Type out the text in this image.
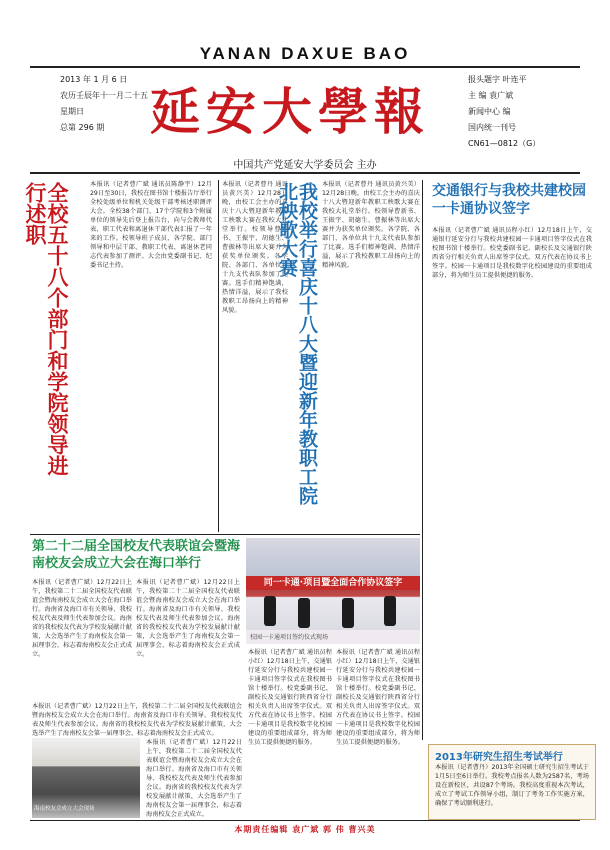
YANAN DAXUE BAO
2013 年 1 月 6 日
农历壬辰年十一月二十五
星期日
总第 296 期 延安大學報
报头题字 叶连平
主 编 袁广斌
新闻中心 编
国内统一刊号
CN61—0812（G）
中国共产党延安大学委员会 主办
全校五十八个部门和学院领导进行述职	本报讯（记者曹广斌 通讯员陈静宇）12月29日至30日，我校在图书馆十楼报告厅举行全校处级单位和机关处级干部考核述职测评大会。全校38个部门、17个学院和3个附属单位的领导先后登上报告台，向与会教师代表、职工代表和离退休干部代表汇报了一年来的工作。校领导班子成员、各学院、部门领导和中层干部、教职工代表、离退休老同志代表参加了测评。大会由党委副书记、纪委书记主持。
本报讯（记者曹丹 通讯员黄兴美）12月28日晚，由校工会主办的喜庆十八大暨迎新年教职工秧歌大赛在我校大礼堂举行。校领导曹新书、王振宇、胡德生、曹振林等出席大赛并为获奖单位颁奖。各学院、各部门、各单位共十九支代表队参加了比赛。选手们精神饱满，热情洋溢，展示了我校教职工昂扬向上的精神风貌。	我校举行喜庆十八大暨迎新年教职工院北秧歌大赛	本报讯（记者曹丹 通讯员黄兴美）12月28日晚，由校工会主办的喜庆十八大暨迎新年教职工秧歌大赛在我校大礼堂举行。校领导曹新书、王振宇、胡德生、曹振林等出席大赛并为获奖单位颁奖。各学院、各部门、各单位共十九支代表队参加了比赛。选手们精神饱满，热情洋溢，展示了我校教职工昂扬向上的精神风貌。
交通银行与我校共建校园一卡通协议签字
本报讯（记者曹广斌 通讯员程小红）12月18日上午，交通银行延安分行与我校共建校园一卡通项目签字仪式在我校图书馆十楼举行。校党委副书记、副校长及交通银行陕西省分行相关负责人出席签字仪式。双方代表在协议书上签字。校园一卡通项目是我校数字化校园建设的重要组成部分，将为师生员工提供便捷的服务。
第二十二届全国校友代表联谊会暨海南校友会成立大会在海口举行
本报讯（记者曹广斌）12月22日上午，我校第二十二届全国校友代表联谊会暨海南校友会成立大会在海口举行。海南省及海口市有关领导、我校校友代表及师生代表参加会议。海南省的我校校友代表为学校发展献计献策，大会选举产生了海南校友会第一届理事会，标志着海南校友会正式成立。
本报讯（记者曹广斌）12月22日上午，我校第二十二届全国校友代表联谊会暨海南校友会成立大会在海口举行。海南省及海口市有关领导、我校校友代表及师生代表参加会议。海南省的我校校友代表为学校发展献计献策，大会选举产生了海南校友会第一届理事会，标志着海南校友会正式成立。
同一卡通·项目暨全面合作协议签字
校园一卡通项目签约仪式现场
本报讯（记者曹广斌）12月22日上午，我校第二十二届全国校友代表联谊会暨海南校友会成立大会在海口举行。海南省及海口市有关领导、我校校友代表及师生代表参加会议。海南省的我校校友代表为学校发展献计献策，大会选举产生了海南校友会第一届理事会，标志着海南校友会正式成立。
海南校友会成立大会现场
本报讯（记者曹广斌）12月22日上午，我校第二十二届全国校友代表联谊会暨海南校友会成立大会在海口举行。海南省及海口市有关领导、我校校友代表及师生代表参加会议。海南省的我校校友代表为学校发展献计献策，大会选举产生了海南校友会第一届理事会，标志着海南校友会正式成立。
本报讯（记者曹广斌 通讯员程小红）12月18日上午，交通银行延安分行与我校共建校园一卡通项目签字仪式在我校图书馆十楼举行。校党委副书记、副校长及交通银行陕西省分行相关负责人出席签字仪式。双方代表在协议书上签字。校园一卡通项目是我校数字化校园建设的重要组成部分，将为师生员工提供便捷的服务。
本报讯（记者曹广斌 通讯员程小红）12月18日上午，交通银行延安分行与我校共建校园一卡通项目签字仪式在我校图书馆十楼举行。校党委副书记、副校长及交通银行陕西省分行相关负责人出席签字仪式。双方代表在协议书上签字。校园一卡通项目是我校数字化校园建设的重要组成部分，将为师生员工提供便捷的服务。
2013年研究生招生考试举行
本报讯（记者曹丹）2013年全国硕士研究生招生考试于1月5日至6日举行。我校考点报名人数为2587名，考场设在新校区，共设87个考场。我校高度重视本次考试，成立了考试工作领导小组，制订了考务工作实施方案，确保了考试顺利进行。
本期责任编辑 袁广斌 郭 伟 曹兴美
